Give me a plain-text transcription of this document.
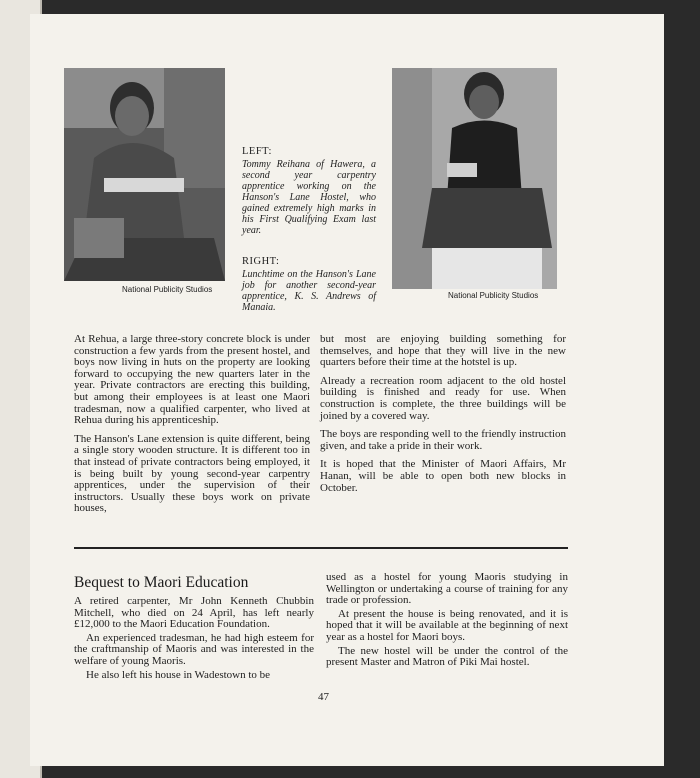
National Publicity Studios
National Publicity Studios
LEFT:
Tommy Reihana of Hawera, a second year carpentry apprentice working on the Hanson's Lane Hostel, who gained extremely high marks in his First Qualifying Exam last year.
RIGHT:
Lunchtime on the Hanson's Lane job for another second-year apprentice, K. S. Andrews of Manaia.

At Rehua, a large three-story concrete block is under construction a few yards from the present hostel, and boys now living in huts on the property are looking forward to occupying the new quarters later in the year. Private contractors are erecting this building, but among their employees is at least one Maori tradesman, now a qualified carpenter, who lived at Rehua during his apprenticeship.

The Hanson's Lane extension is quite different, being a single story wooden structure. It is different too in that instead of private contractors being employed, it is being built by young second-year carpentry apprentices, under the supervision of their instructors. Usually these boys work on private houses,

but most are enjoying building something for themselves, and hope that they will live in the new quarters before their time at the hotstel is up.

Already a recreation room adjacent to the old hostel building is finished and ready for use. When construction is complete, the three buildings will be joined by a covered way.

The boys are responding well to the friendly instruction given, and take a pride in their work.

It is hoped that the Minister of Maori Affairs, Mr Hanan, will be able to open both new blocks in October.

Bequest to Maori Education

A retired carpenter, Mr John Kenneth Chubbin Mitchell, who died on 24 April, has left nearly £12,000 to the Maori Education Foundation.

An experienced tradesman, he had high esteem for the craftmanship of Maoris and was interested in the welfare of young Maoris.

He also left his house in Wadestown to be

used as a hostel for young Maoris studying in Wellington or undertaking a course of training for any trade or profession.

At present the house is being renovated, and it is hoped that it will be available at the beginning of next year as a hostel for Maori boys.

The new hostel will be under the control of the present Master and Matron of Piki Mai hostel.

47
